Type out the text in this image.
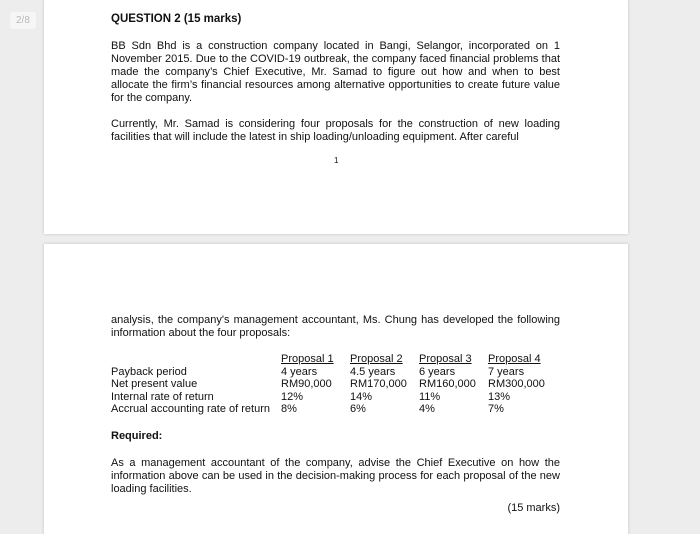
2/8	QUESTION 2 (15 marks)

BB Sdn Bhd is a construction company located in Bangi, Selangor, incorporated on 1 November 2015. Due to the COVID-19 outbreak, the company faced financial problems that made the company’s Chief Executive, Mr. Samad to figure out how and when to best allocate the firm’s financial resources among alternative opportunities to create future value for the company.

Currently, Mr. Samad is considering four proposals for the construction of new loading facilities that will include the latest in ship loading/unloading equipment. After careful

1

analysis, the company's management accountant, Ms. Chung has developed the following information about the four proposals:

	Proposal 1	Proposal 2	Proposal 3	Proposal 4
Payback period	4 years	4.5 years	6 years	7 years
Net present value	RM90,000	RM170,000	RM160,000	RM300,000
Internal rate of return	12%	14%	11%	13%
Accrual accounting rate of return	8%	6%	4%	7%
Required:

As a management accountant of the company, advise the Chief Executive on how the information above can be used in the decision-making process for each proposal of the new loading facilities.

(15 marks)
